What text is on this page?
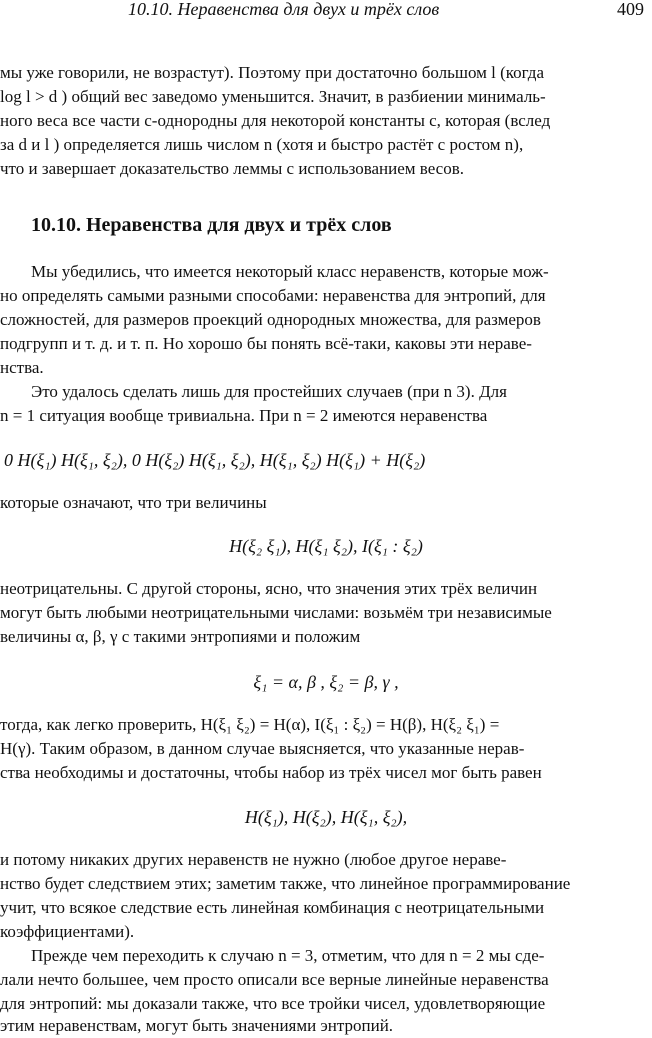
10.10. Неравенства для двух и трёх слов	409
мы уже говорили, не возрастут). Поэтому при достаточно большом l (когда
log l > d ) общий вес заведомо уменьшится. Значит, в разбиении минималь-
ного веса все части c-однородны для некоторой константы c, которая (вслед
за d и l ) определяется лишь числом n (хотя и быстро растёт с ростом n),
что и завершает доказательство леммы с использованием весов.
10.10. Неравенства для двух и трёх слов
Мы убедились, что имеется некоторый класс неравенств, которые мож-
но определять самыми разными способами: неравенства для энтропий, для
сложностей, для размеров проекций однородных множества, для размеров
подгрупп и т. д. и т. п. Но хорошо бы понять всё-таки, каковы эти нераве-
нства.
Это удалось сделать лишь для простейших случаев (при n 3). Для
n = 1 ситуация вообще тривиальна. При n = 2 имеются неравенства
0 H(ξ₁) H(ξ₁, ξ₂), 0 H(ξ₂) H(ξ₁, ξ₂), H(ξ₁, ξ₂) H(ξ₁) + H(ξ₂)
которые означают, что три величины
H(ξ₂ ξ₁), H(ξ₁ ξ₂), I(ξ₁ : ξ₂)
неотрицательны. С другой стороны, ясно, что значения этих трёх величин
могут быть любыми неотрицательными числами: возьмём три независимые
величины α, β, γ с такими энтропиями и положим
ξ₁ = α, β , ξ₂ = β, γ ,
тогда, как легко проверить, H(ξ₁ ξ₂) = H(α), I(ξ₁ : ξ₂) = H(β), H(ξ₂ ξ₁) =
H(γ). Таким образом, в данном случае выясняется, что указанные нерав-
ства необходимы и достаточны, чтобы набор из трёх чисел мог быть равен
H(ξ₁), H(ξ₂), H(ξ₁, ξ₂),
и потому никаких других неравенств не нужно (любое другое нераве-
нство будет следствием этих; заметим также, что линейное программирование
учит, что всякое следствие есть линейная комбинация с неотрицательными
коэффициентами).
Прежде чем переходить к случаю n = 3, отметим, что для n = 2 мы сде-
лали нечто большее, чем просто описали все верные линейные неравенства
для энтропий: мы доказали также, что все тройки чисел, удовлетворяющие
этим неравенствам, могут быть значениями энтропий.
